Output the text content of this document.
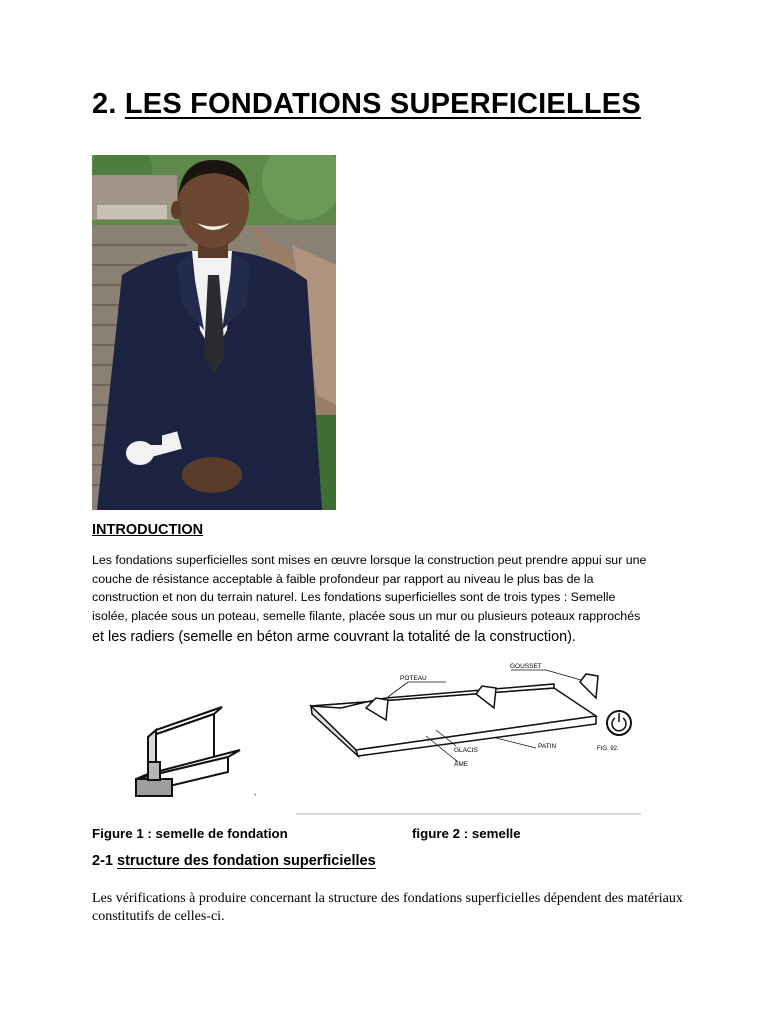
2. LES FONDATIONS SUPERFICIELLES
INTRODUCTION
Les fondations superficielles sont mises en œuvre lorsque la construction peut prendre appui sur une
couche de résistance acceptable à faible profondeur par rapport au niveau le plus bas de la
construction et non du terrain naturel. Les fondations superficielles sont de trois types : Semelle
isolée, placée sous un poteau, semelle filante, placée sous un mur ou plusieurs poteaux rapprochés
et les radiers (semelle en béton arme couvrant la totalité de la construction).
°
POTEAU
GOUSSET
GLACIS
PATIN
ÂME
FIG. 92.
Figure 1 : semelle de fondation	figure 2 : semelle
2-1 structure des fondation superficielles

Les vérifications à produire concernant la structure des fondations superficielles dépendent des matériaux constitutifs de celles-ci.
